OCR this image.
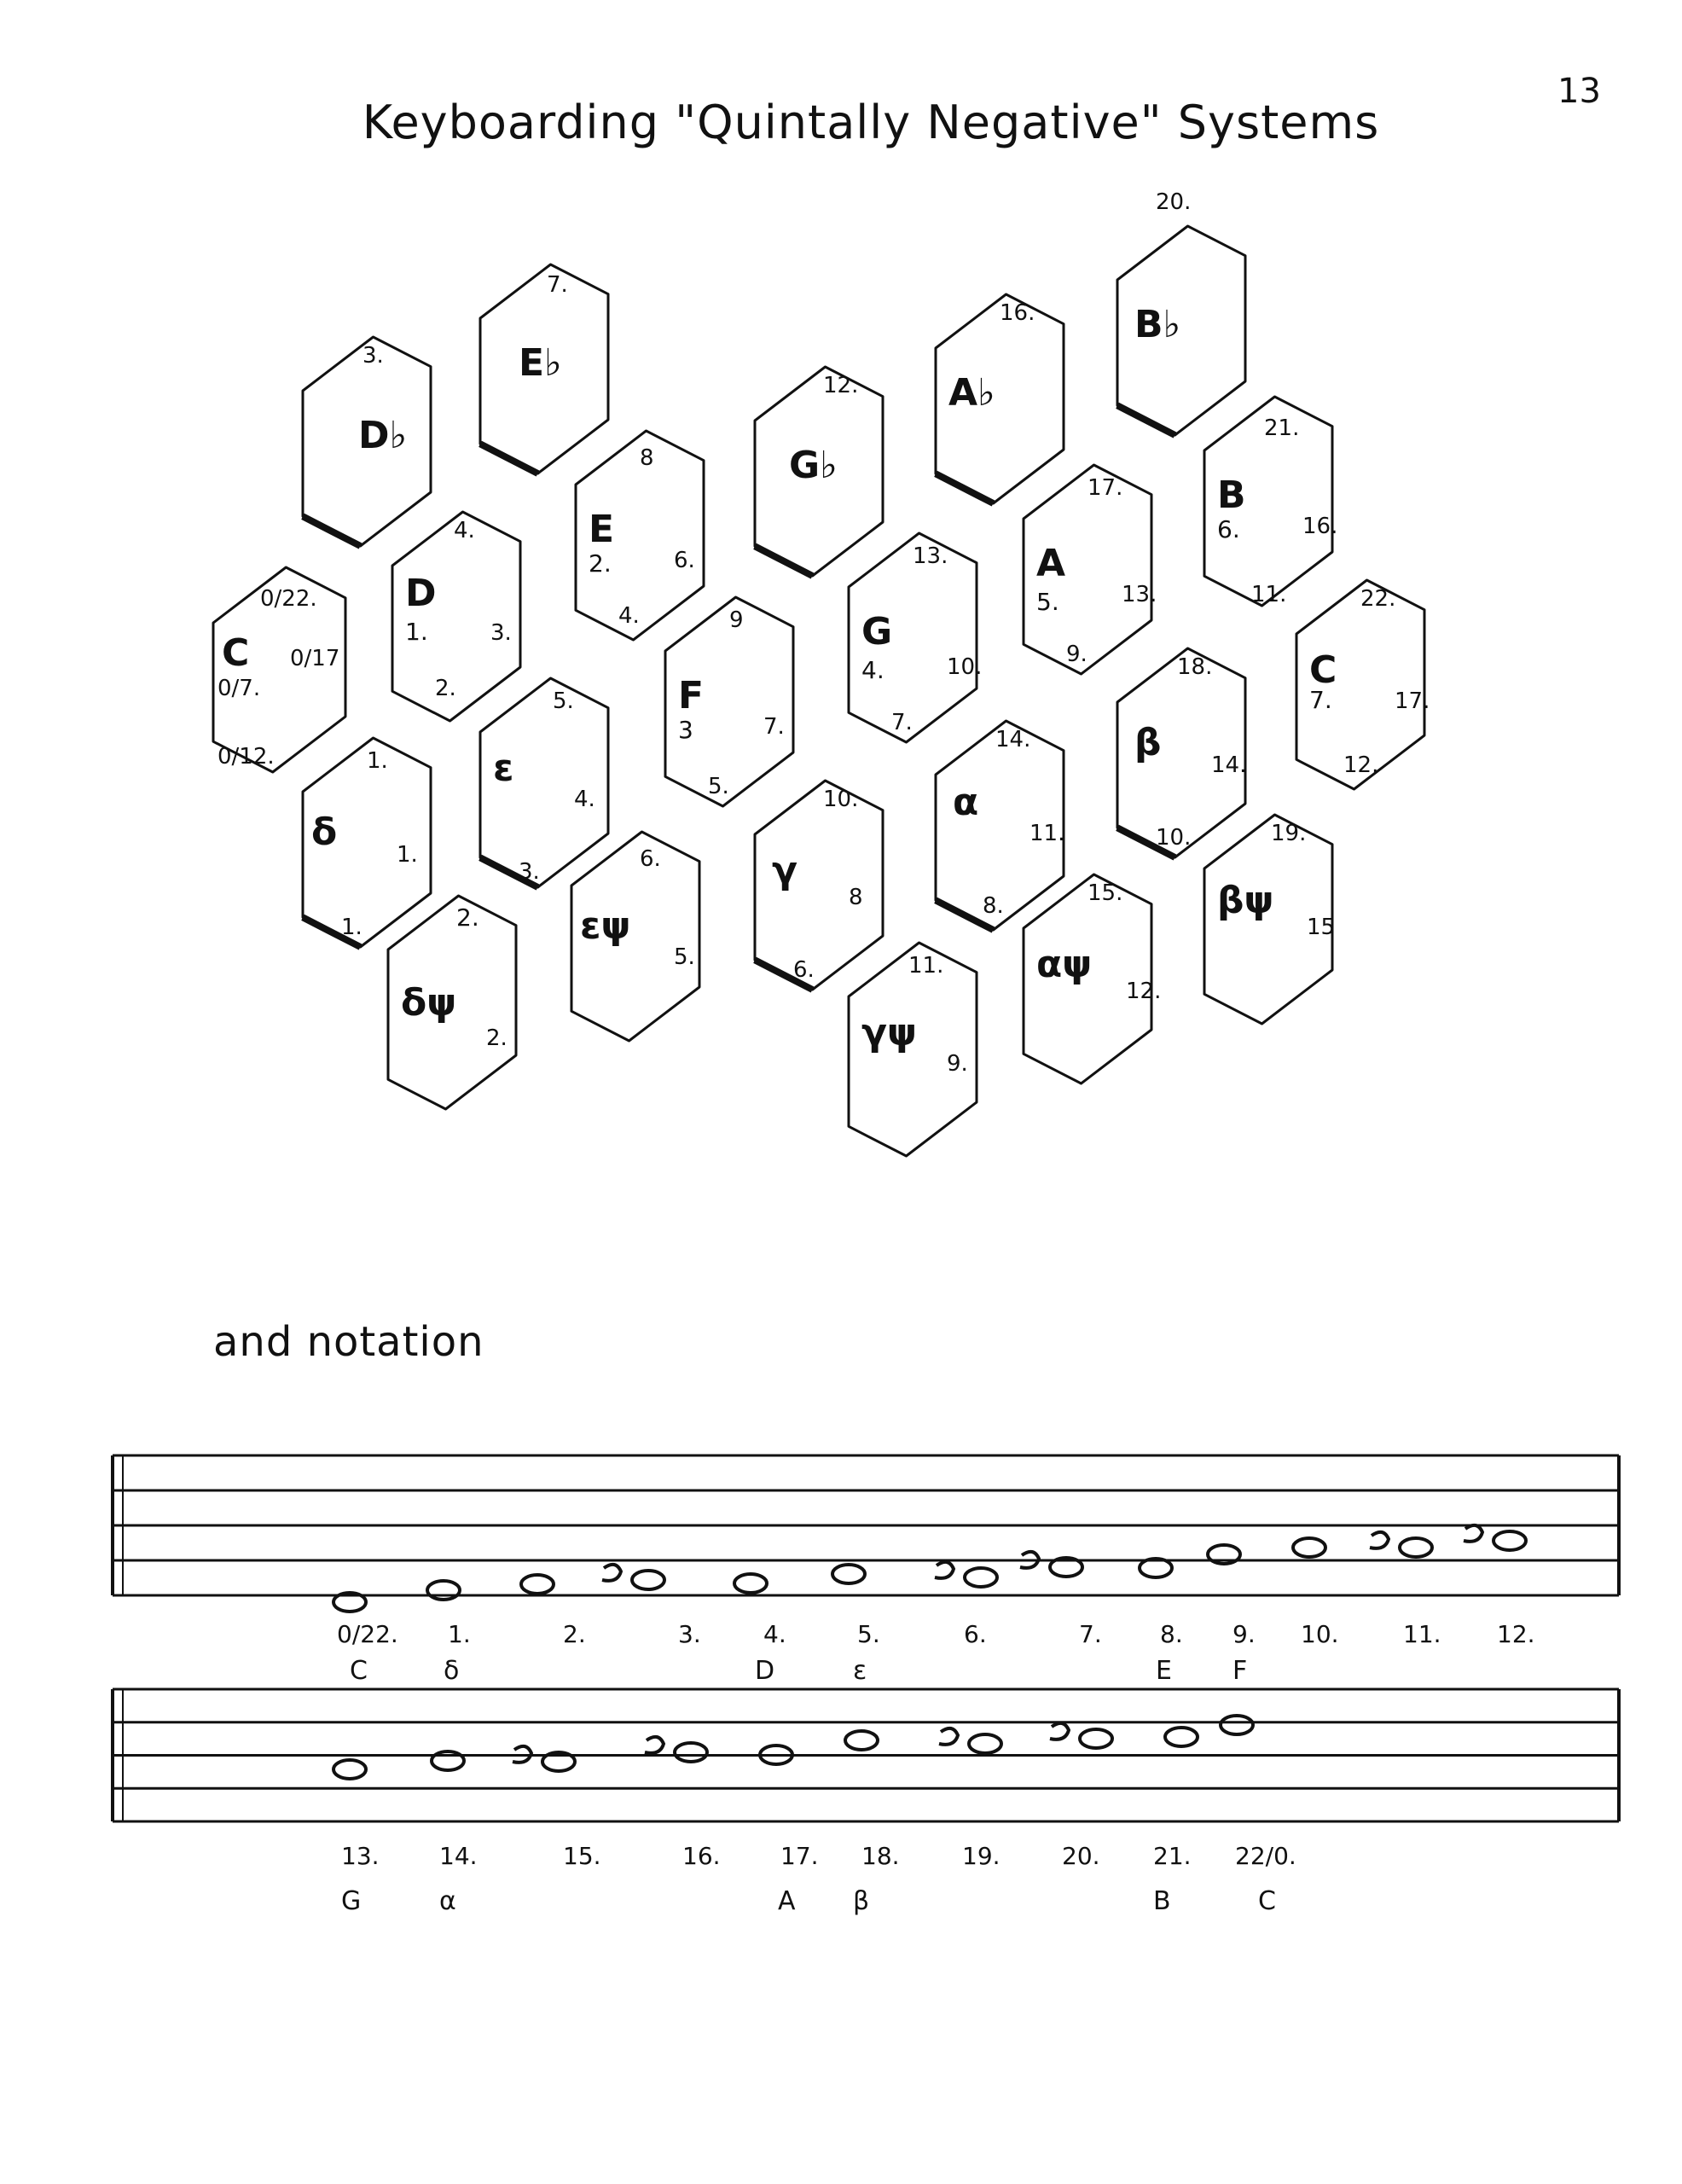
13
Keyboarding "Quintally Negative" Systems
D♭
3.	E♭
7.
G♭
12. A♭
16.	B♭
20.
D
4.
1.	3.
2.
E
8
2.	6.
4.	G
13.
4.	10.
7.
A
17.
5.	13.
9.
B
21.
6.	16.
11.
C
0/22.
0/17
0/7.
0/12.
F
9
3	7.
5.
C
22.
7.	17.
12.
δ
1.
1.
1.
ε
5.
4.
3.	γ
10.
8
6.
α
14.
11.
8.
β
18.
14.
10.
δψ
2.
2.
εψ
6.
5.
γψ
11.
9.
αψ
15.
12.
βψ
19.
15
and notation
0/22. 1.	2.	3.	4.	5.	6.	7. 8. 9. 10.	11. 12.
C	δ	D	ε	E F
13.	14.	15.	16.	17. 18.	19.	20. 21. 22/0.
G	α	A β	B	C
